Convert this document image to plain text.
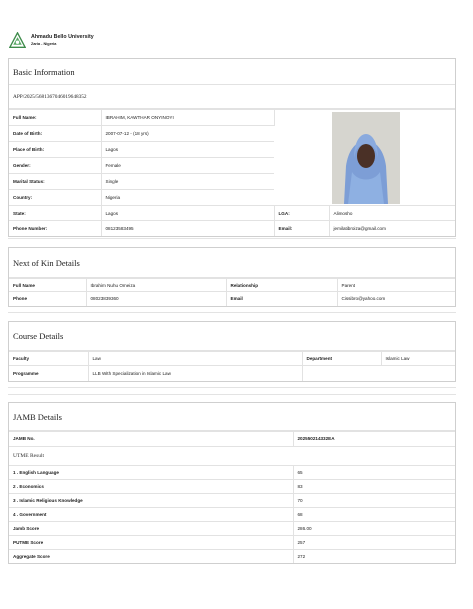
Ahmadu Bello University
Zaria - Nigeria
Basic Information
APP/2025/5681367046019648352
Full Name:	IBRAHIM, KAWTHAR ONYINOYI	

Date of Birth:	2007-07-12 - (18 yrs)		
Place of Birth:	Lagos		
Gender:	Female		
Marital Status:	Single		
Country:	Nigeria		
State:	Lagos	LGA:	Alimosho
Phone Number:	08123583495	Email:	jemilatibroiza@gmail.com
Next of Kin Details
Full Name	Ibrahim Nuhu Omeiza	Relationship	Parent
Phone	08023839360	Email	Cissibro@yahoo.com
Course Details
Faculty	Law	Department	Islamic Law
Programme	LLB With Specialization in Islamic Law		
JAMB Details
JAMB No.	202550214332EA
UTME Result
1 . English Language	65
2 . Economics	83
3 . Islamic Religious Knowledge	70
4 . Government	68
Jamb Score	286.00
PUTME Score	257
Aggregate Score	272
